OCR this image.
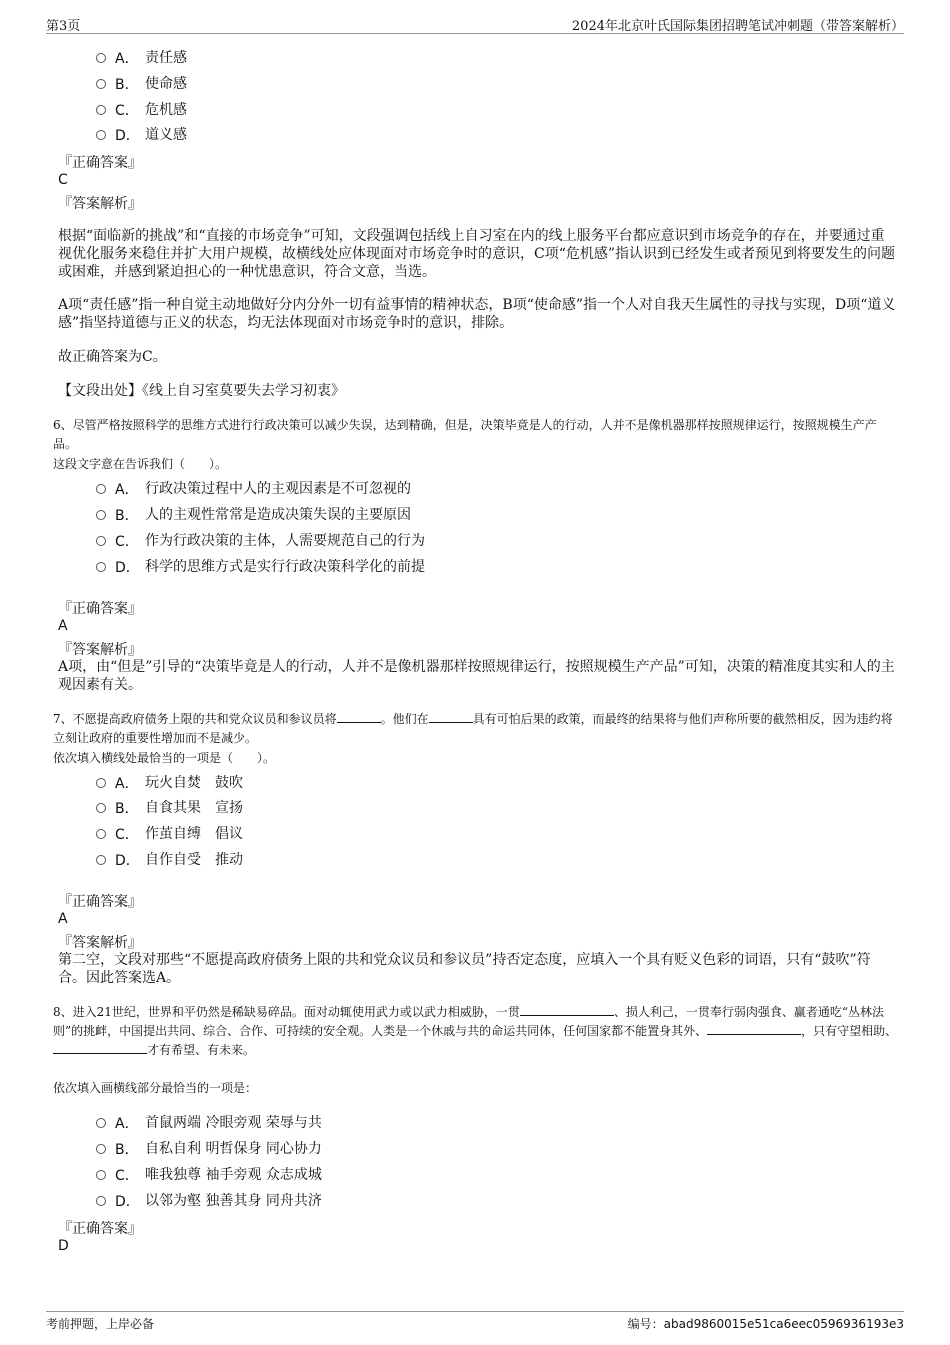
第3页	2024年北京叶氏国际集团招聘笔试冲刺题（带答案解析）
A． 责任感
B． 使命感
C． 危机感
D． 道义感
『正确答案』
C
『答案解析』
根据“面临新的挑战”和“直接的市场竞争”可知，文段强调包括线上自习室在内的线上服务平台都应意识到市场竞争的存在，并要通过重视优化服务来稳住并扩大用户规模，故横线处应体现面对市场竞争时的意识，C项“危机感”指认识到已经发生或者预见到将要发生的问题或困难，并感到紧迫担心的一种忧患意识，符合文意，当选。
A项“责任感”指一种自觉主动地做好分内分外一切有益事情的精神状态，B项“使命感”指一个人对自我天生属性的寻找与实现，D项“道义感”指坚持道德与正义的状态，均无法体现面对市场竞争时的意识，排除。
故正确答案为C。
【文段出处】《线上自习室莫要失去学习初衷》
6、尽管严格按照科学的思维方式进行行政决策可以减少失误，达到精确，但是，决策毕竟是人的行动，人并不是像机器那样按照规律运行，按照规模生产产品。
这段文字意在告诉我们（　　）。
A． 行政决策过程中人的主观因素是不可忽视的
B． 人的主观性常常是造成决策失误的主要原因
C． 作为行政决策的主体，人需要规范自己的行为
D． 科学的思维方式是实行行政决策科学化的前提
『正确答案』
A
『答案解析』
A项，由“但是”引导的“决策毕竟是人的行动，人并不是像机器那样按照规律运行，按照规模生产产品”可知，决策的精准度其实和人的主观因素有关。
7、不愿提高政府债务上限的共和党众议员和参议员将	。他们在	具有可怕后果的政策，而最终的结果将与他们声称所要的截然相反，因为违约将立刻让政府的重要性增加而不是减少。
依次填入横线处最恰当的一项是（　　）。
A． 玩火自焚　鼓吹
B． 自食其果　宣扬
C． 作茧自缚　倡议
D． 自作自受　推动
『正确答案』
A
『答案解析』
第二空，文段对那些“不愿提高政府债务上限的共和党众议员和参议员”持否定态度，应填入一个具有贬义色彩的词语，只有“鼓吹”符合。因此答案选A。
8、进入21世纪，世界和平仍然是稀缺易碎品。面对动辄使用武力或以武力相威胁，一贯	、损人利己，一贯奉行弱肉强食、赢者通吃“丛林法则”的挑衅，中国提出共同、综合、合作、可持续的安全观。人类是一个休戚与共的命运共同体，任何国家都不能置身其外、	，只有守望相助、才有希望、有未来。
依次填入画横线部分最恰当的一项是：
A． 首鼠两端 冷眼旁观 荣辱与共
B． 自私自利 明哲保身 同心协力
C． 唯我独尊 袖手旁观 众志成城
D． 以邻为壑 独善其身 同舟共济
『正确答案』
D
考前押题，上岸必备	编号：abad9860015e51ca6eec0596936193e3
